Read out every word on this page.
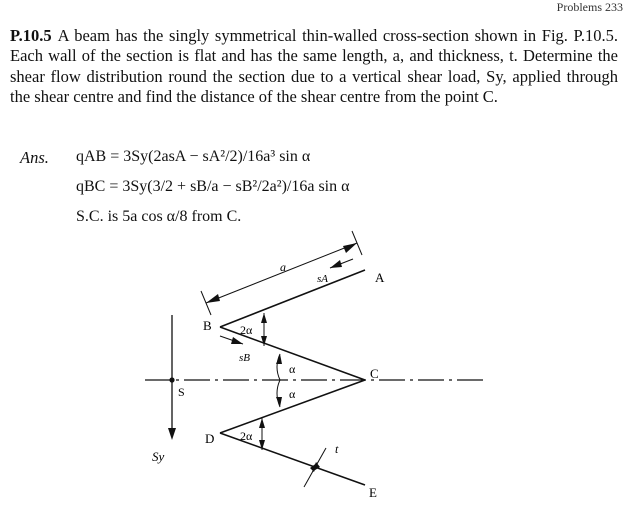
Problems 233
P.10.5 A beam has the singly symmetrical thin-walled cross-section shown in Fig. P.10.5. Each wall of the section is flat and has the same length, a, and thickness, t. Determine the shear flow distribution round the section due to a vertical shear load, Sy, applied through the shear centre and find the distance of the shear centre from the point C.
Ans. qAB = 3Sy(2asA − sA²/2)/16a³ sin α
qBC = 3Sy(3/2 + sB/a − sB²/2a²)/16a sin α
S.C. is 5a cos α/8 from C.
A
B
C
D
E
S
a
sA
sB
t
2α
2α
α
α
Sy
